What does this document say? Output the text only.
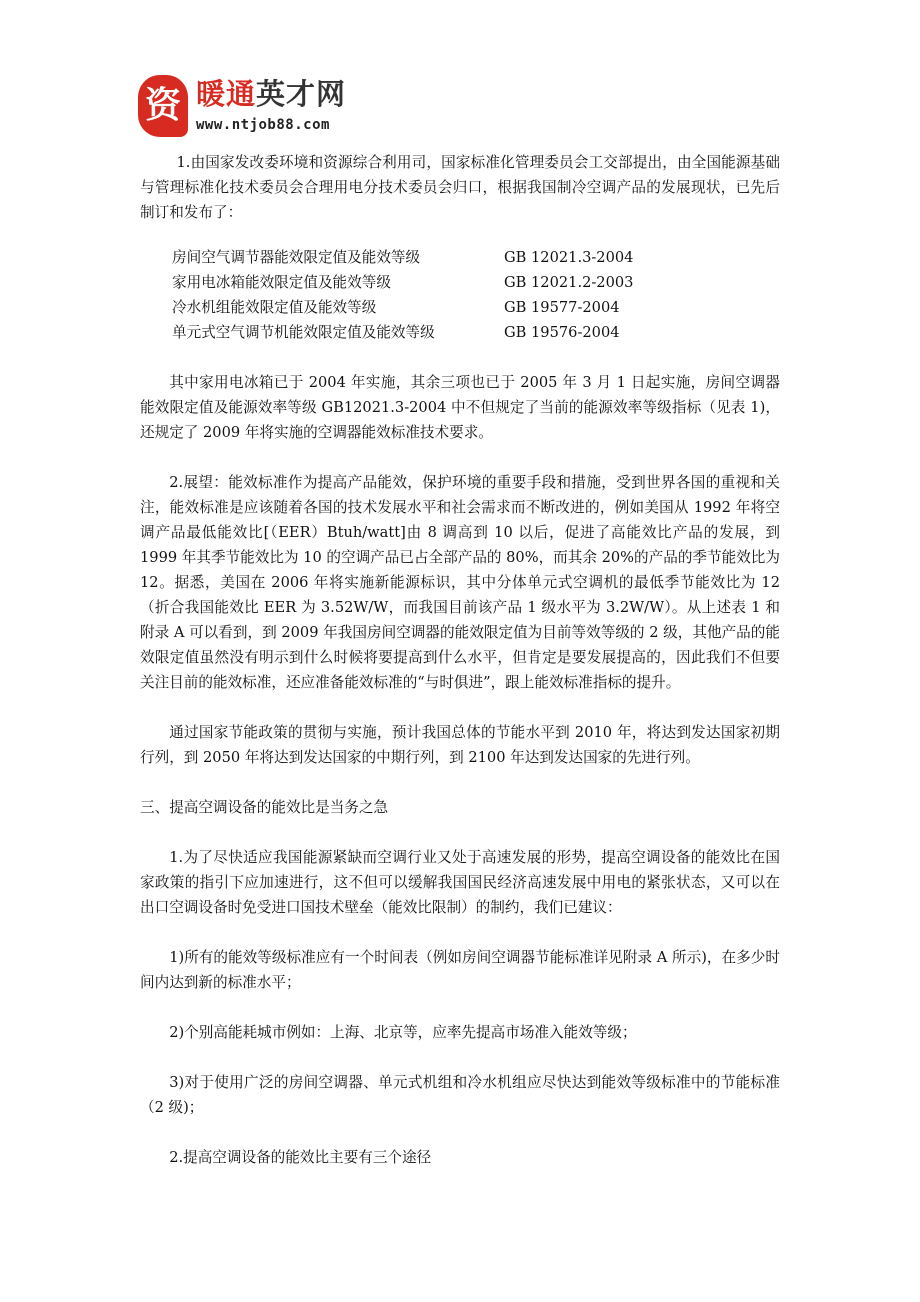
资 暖通英才网
www.ntjob88.com

1.由国家发改委环境和资源综合利用司，国家标准化管理委员会工交部提出，由全国能源基础与管理标准化技术委员会合理用电分技术委员会归口，根据我国制冷空调产品的发展现状，已先后制订和发布了：

房间空气调节器能效限定值及能效等级	GB 12021.3-2004
家用电冰箱能效限定值及能效等级	GB 12021.2-2003
冷水机组能效限定值及能效等级	GB 19577-2004
单元式空气调节机能效限定值及能效等级	GB 19576-2004

其中家用电冰箱已于 2004 年实施，其余三项也已于 2005 年 3 月 1 日起实施，房间空调器能效限定值及能源效率等级 GB12021.3-2004 中不但规定了当前的能源效率等级指标（见表 1)，还规定了 2009 年将实施的空调器能效标准技术要求。

2.展望：能效标准作为提高产品能效，保护环境的重要手段和措施，受到世界各国的重视和关注，能效标准是应该随着各国的技术发展水平和社会需求而不断改进的，例如美国从 1992 年将空调产品最低能效比[（EER）Btuh/watt]由 8 调高到 10 以后，促进了高能效比产品的发展，到 1999 年其季节能效比为 10 的空调产品已占全部产品的 80%，而其余 20%的产品的季节能效比为 12。据悉，美国在 2006 年将实施新能源标识，其中分体单元式空调机的最低季节能效比为 12（折合我国能效比 EER 为 3.52W/W，而我国目前该产品 1 级水平为 3.2W/W）。从上述表 1 和附录 A 可以看到，到 2009 年我国房间空调器的能效限定值为目前等效等级的 2 级，其他产品的能效限定值虽然没有明示到什么时候将要提高到什么水平，但肯定是要发展提高的，因此我们不但要关注目前的能效标准，还应准备能效标准的“与时俱进”，跟上能效标准指标的提升。

通过国家节能政策的贯彻与实施，预计我国总体的节能水平到 2010 年，将达到发达国家初期行列，到 2050 年将达到发达国家的中期行列，到 2100 年达到发达国家的先进行列。

三、提高空调设备的能效比是当务之急

1.为了尽快适应我国能源紧缺而空调行业又处于高速发展的形势，提高空调设备的能效比在国家政策的指引下应加速进行，这不但可以缓解我国国民经济高速发展中用电的紧张状态，又可以在出口空调设备时免受进口国技术壁垒（能效比限制）的制约，我们已建议：

1)所有的能效等级标准应有一个时间表（例如房间空调器节能标准详见附录 A 所示)，在多少时间内达到新的标准水平；

2)个别高能耗城市例如：上海、北京等，应率先提高市场准入能效等级；

3)对于使用广泛的房间空调器、单元式机组和冷水机组应尽快达到能效等级标准中的节能标准（2 级)；

2.提高空调设备的能效比主要有三个途径
